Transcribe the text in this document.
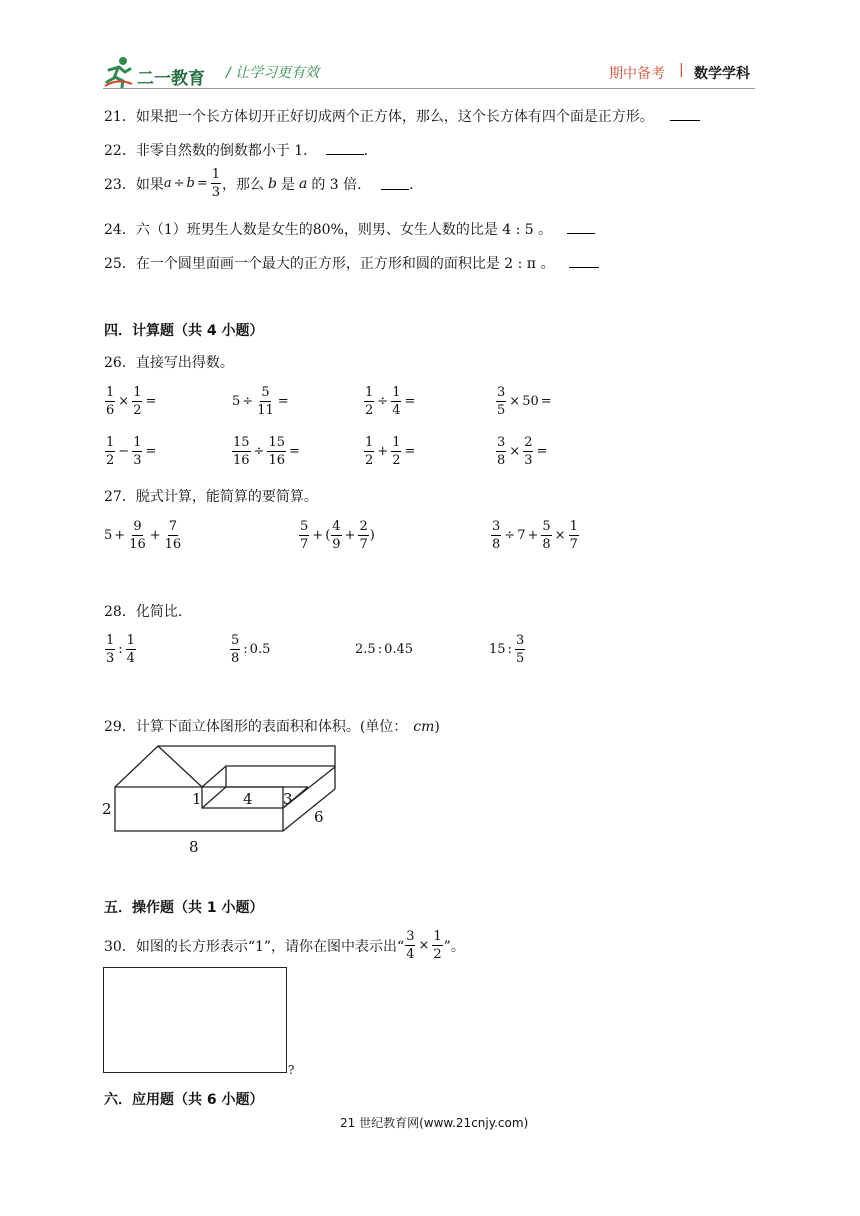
二一教育 / 让学习更有效	期中备考 | 数学学科
21．如果把一个长方体切开正好切成两个正方体，那么，这个长方体有四个面是正方形。
22．非零自然数的倒数都小于 1．	．
23．如果 $a \div b = \frac{1}{3}$ ，那么 b 是 a 的 3 倍．	．
24．六（1）班男生人数是女生的80%，则男、女生人数的比是 4 : 5 。
25．在一个圆里面画一个最大的正方形，正方形和圆的面积比是 2 : π 。
四．计算题（共 4 小题）
26．直接写出得数。
$\frac{1}{6} \times \frac{1}{2}$ =	$5 \div \frac{5}{11}$ =	$\frac{1}{2} \div \frac{1}{4}$ =	$\frac{3}{5} \times 50$ =
$\frac{1}{2} - \frac{1}{3}$ =	$\frac{15}{16} \div \frac{15}{16}$ =	$\frac{1}{2} + \frac{1}{2}$ =	$\frac{3}{8} \times \frac{2}{3}$ =
27．脱式计算，能简算的要简算。
$5 + \frac{9}{16} + \frac{7}{16}$	$\frac{5}{7}$ + ( $\frac{4}{9} + \frac{2}{7}$ )	$\frac{3}{8} \div 7 + \frac{5}{8} \times \frac{1}{7}$
28．化简比．
$\frac{1}{3}$ : $\frac{1}{4}$	$\frac{5}{8}$ : 0.5	2.5 : 0.45	15 : $\frac{3}{5}$
29．计算下面立体图形的表面积和体积。(单位： cm)
2
1	4 3
6
8
五．操作题（共 1 小题）
30．如图的长方形表示“1”，请你在图中表示出“ $\frac{3}{4} \times \frac{1}{2}$ ”。
?
六．应用题（共 6 小题）
21 世纪教育网(www.21cnjy.com)
